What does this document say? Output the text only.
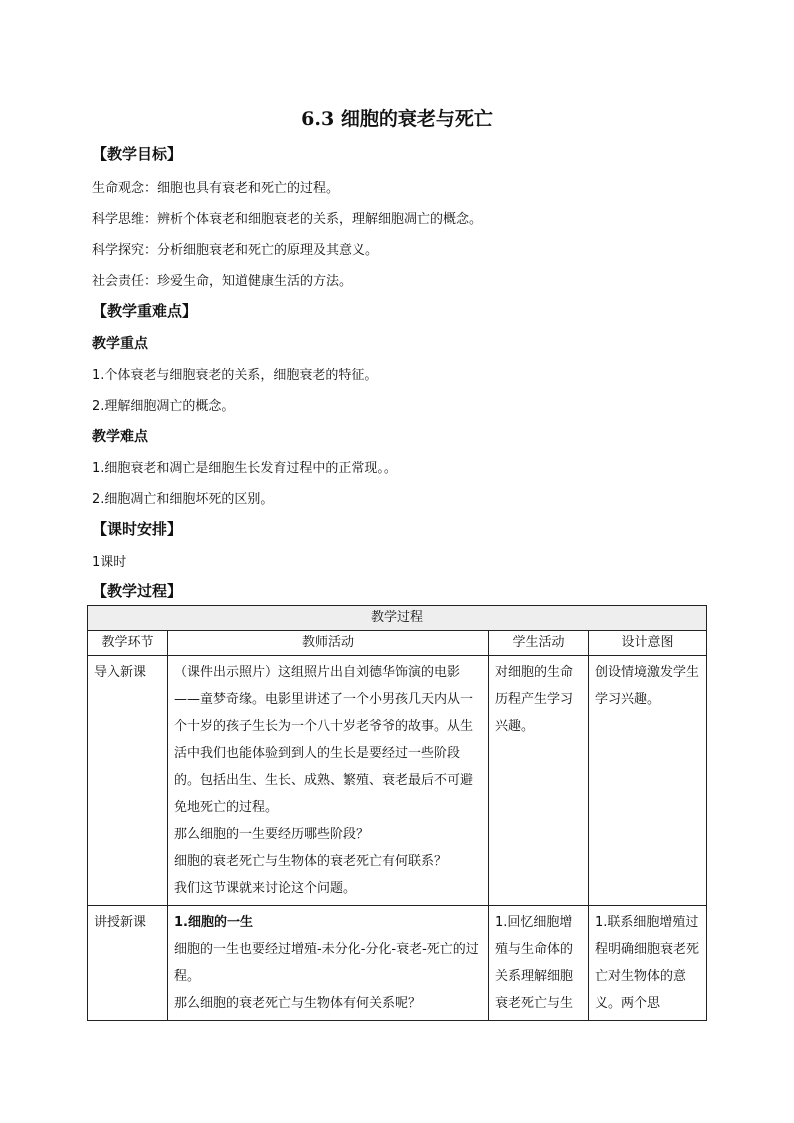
6.3 细胞的衰老与死亡
【教学目标】
生命观念：细胞也具有衰老和死亡的过程。
科学思维：辨析个体衰老和细胞衰老的关系，理解细胞凋亡的概念。
科学探究：分析细胞衰老和死亡的原理及其意义。
社会责任：珍爱生命，知道健康生活的方法。
【教学重难点】
教学重点
1.个体衰老与细胞衰老的关系，细胞衰老的特征。
2.理解细胞凋亡的概念。
教学难点
1.细胞衰老和凋亡是细胞生长发育过程中的正常现。。
2.细胞凋亡和细胞坏死的区别。
【课时安排】
1课时
【教学过程】
教学过程			
教学环节	教师活动	学生活动	设计意图
导入新课	（课件出示照片）这组照片出自刘德华饰演的电影——童梦奇缘。电影里讲述了一个小男孩几天内从一个十岁的孩子生长为一个八十岁老爷爷的故事。从生活中我们也能体验到到人的生长是要经过一些阶段的。包括出生、生长、成熟、繁殖、衰老最后不可避免地死亡的过程。
那么细胞的一生要经历哪些阶段？
细胞的衰老死亡与生物体的衰老死亡有何联系？
我们这节课就来讨论这个问题。	对细胞的生命历程产生学习兴趣。	创设情境激发学生学习兴趣。
讲授新课	1.细胞的一生
细胞的一生也要经过增殖-未分化-分化-衰老-死亡的过程。
那么细胞的衰老死亡与生物体有何关系呢？	1.回忆细胞增殖与生命体的关系理解细胞衰老死亡与生	1.联系细胞增殖过程明确细胞衰老死亡对生物体的意义。两个思
